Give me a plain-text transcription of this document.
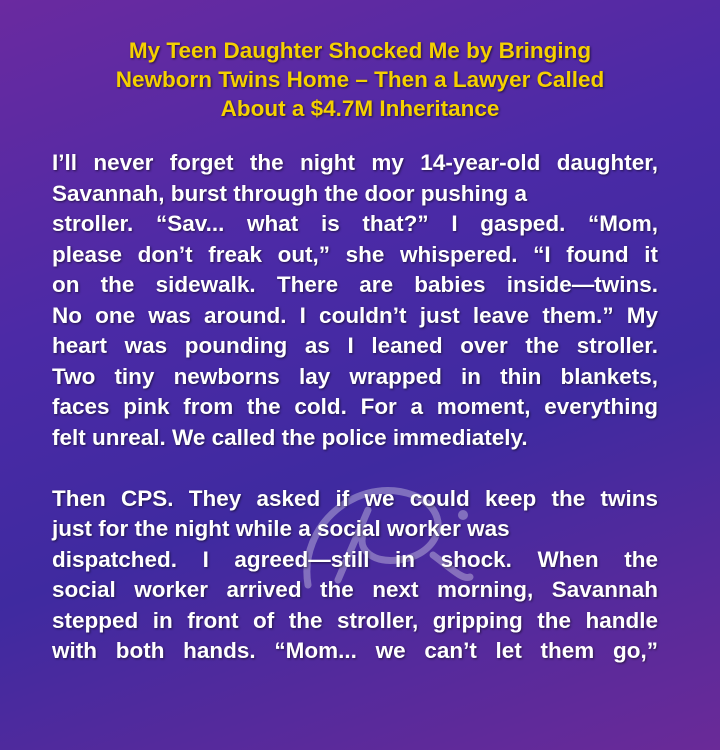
My Teen Daughter Shocked Me by Bringing
Newborn Twins Home – Then a Lawyer Called
About a $4.7M Inheritance
I’ll never forget the night my 14-year-old daughter,
Savannah, burst through the door pushing a
stroller. “Sav... what is that?” I gasped. “Mom,
please don’t freak out,” she whispered. “I found it
on the sidewalk. There are babies inside—twins.
No one was around. I couldn’t just leave them.” My
heart was pounding as I leaned over the stroller.
Two tiny newborns lay wrapped in thin blankets,
faces pink from the cold. For a moment, everything
felt unreal. We called the police immediately.
Then CPS. They asked if we could keep the twins
just for the night while a social worker was
dispatched. I agreed—still in shock. When the
social worker arrived the next morning, Savannah
stepped in front of the stroller, gripping the handle
with both hands. “Mom... we can’t let them go,”
